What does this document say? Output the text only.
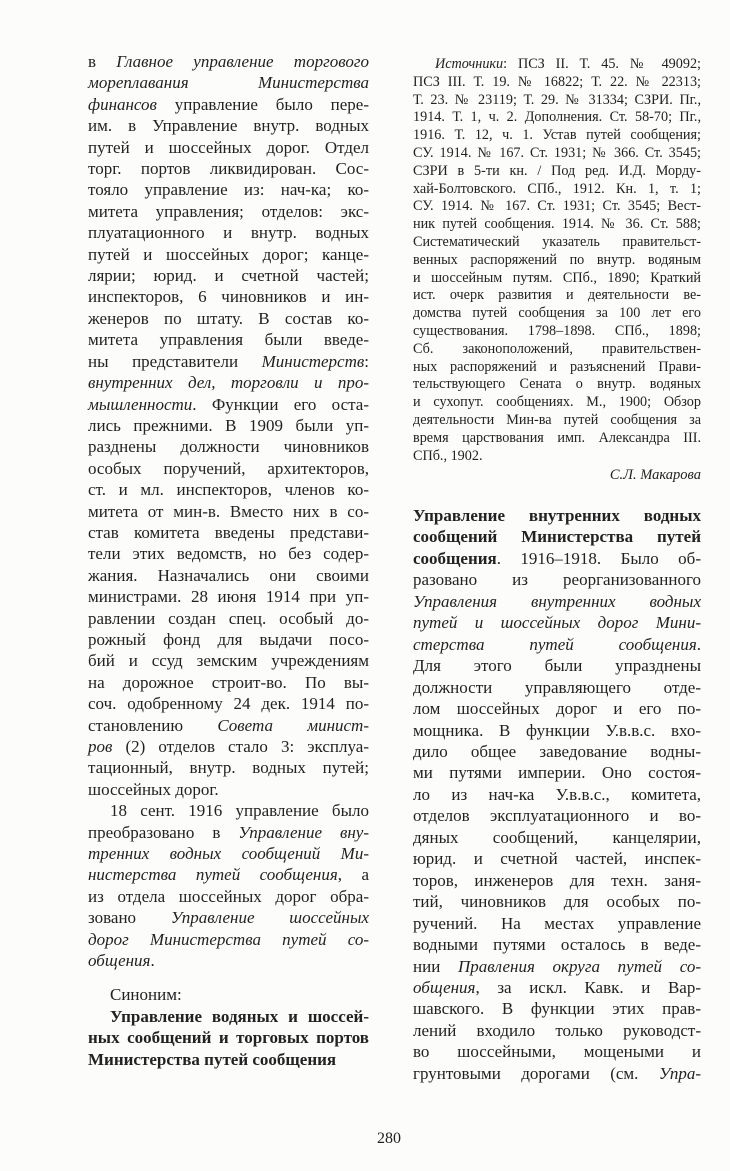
в Главное управление торгового
мореплавания Министерства
финансов управление было пере-
им. в Управление внутр. водных
путей и шоссейных дорог. Отдел
торг. портов ликвидирован. Сос-
тояло управление из: нач-ка; ко-
митета управления; отделов: экс-
плуатационного и внутр. водных
путей и шоссейных дорог; канце-
лярии; юрид. и счетной частей;
инспекторов, 6 чиновников и ин-
женеров по штату. В состав ко-
митета управления были введе-
ны представители Министерств:
внутренних дел, торговли и про-
мышленности. Функции его оста-
лись прежними. В 1909 были уп-
разднены должности чиновников
особых поручений, архитекторов,
ст. и мл. инспекторов, членов ко-
митета от мин-в. Вместо них в со-
став комитета введены представи-
тели этих ведомств, но без содер-
жания. Назначались они своими
министрами. 28 июня 1914 при уп-
равлении создан спец. особый до-
рожный фонд для выдачи посо-
бий и ссуд земским учреждениям
на дорожное строит-во. По вы-
соч. одобренному 24 дек. 1914 по-
становлению Совета минист-
ров (2) отделов стало 3: эксплуа-
тационный, внутр. водных путей;
шоссейных дорог.
18 сент. 1916 управление было
преобразовано в Управление вну-
тренних водных сообщений Ми-
нистерства путей сообщения, а
из отдела шоссейных дорог обра-
зовано Управление шоссейных
дорог Министерства путей со-
общения.
Синоним:
Управление водяных и шоссей-
ных сообщений и торговых портов
Министерства путей сообщения
Источники: ПСЗ II. Т. 45. № 49092;
ПСЗ III. Т. 19. № 16822; Т. 22. № 22313;
Т. 23. № 23119; Т. 29. № 31334; СЗРИ. Пг.,
1914. Т. 1, ч. 2. Дополнения. Ст. 58-70; Пг.,
1916. Т. 12, ч. 1. Устав путей сообщения;
СУ. 1914. № 167. Ст. 1931; № 366. Ст. 3545;
СЗРИ в 5-ти кн. / Под ред. И.Д. Морду-
хай-Болтовского. СПб., 1912. Кн. 1, т. 1;
СУ. 1914. № 167. Ст. 1931; Ст. 3545; Вест-
ник путей сообщения. 1914. № 36. Ст. 588;
Систематический указатель правительст-
венных распоряжений по внутр. водяным
и шоссейным путям. СПб., 1890; Краткий
ист. очерк развития и деятельности ве-
домства путей сообщения за 100 лет его
существования. 1798–1898. СПб., 1898;
Сб. законоположений, правительствен-
ных распоряжений и разъяснений Прави-
тельствующего Сената о внутр. водяных
и сухопут. сообщениях. М., 1900; Обзор
деятельности Мин-ва путей сообщения за
время царствования имп. Александра III.
СПб., 1902.
С.Л. Макарова
Управление внутренних водных
сообщений Министерства путей
сообщения. 1916–1918. Было об-
разовано из реорганизованного
Управления внутренних водных
путей и шоссейных дорог Мини-
стерства путей сообщения.
Для этого были упразднены
должности управляющего отде-
лом шоссейных дорог и его по-
мощника. В функции У.в.в.с. вхо-
дило общее заведование водны-
ми путями империи. Оно состоя-
ло из нач-ка У.в.в.с., комитета,
отделов эксплуатационного и во-
дяных сообщений, канцелярии,
юрид. и счетной частей, инспек-
торов, инженеров для техн. заня-
тий, чиновников для особых по-
ручений. На местах управление
водными путями осталось в веде-
нии Правления округа путей со-
общения, за искл. Кавк. и Вар-
шавского. В функции этих прав-
лений входило только руководст-
во шоссейными, мощеными и
грунтовыми дорогами (см. Упра-
280
